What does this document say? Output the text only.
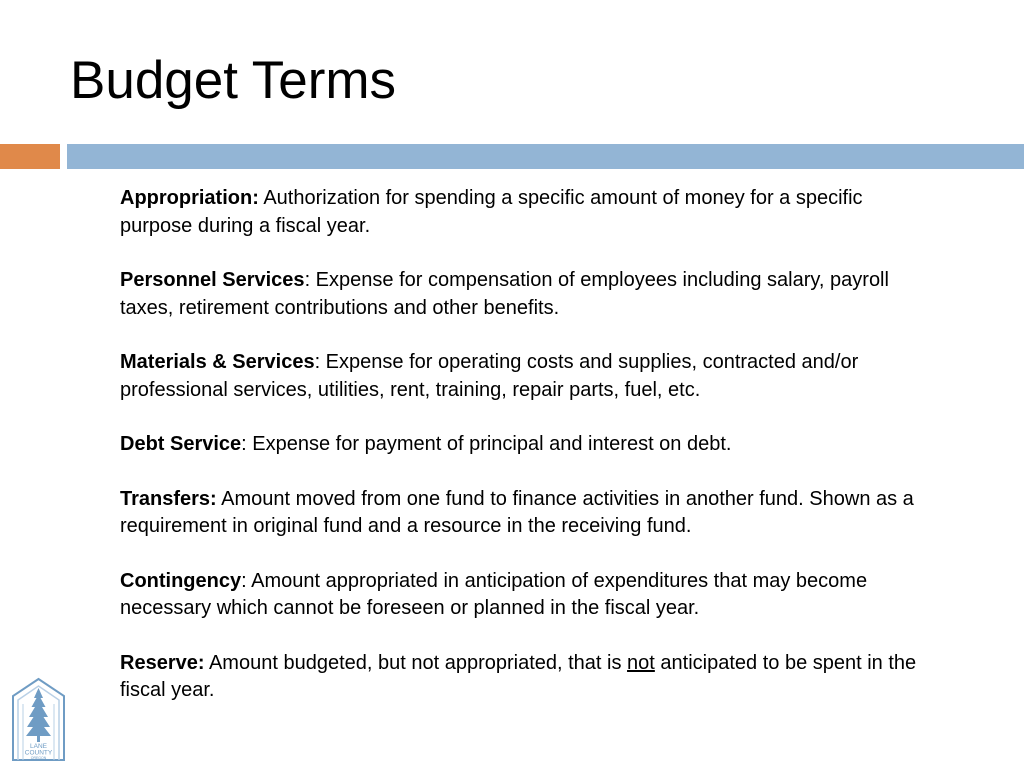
Budget Terms
Appropriation: Authorization for spending a specific amount of money for a specific purpose during a fiscal year.
Personnel Services: Expense for compensation of employees including salary, payroll taxes, retirement contributions and other benefits.
Materials & Services: Expense for operating costs and supplies, contracted and/or professional services, utilities, rent, training, repair parts, fuel, etc.
Debt Service: Expense for payment of principal and interest on debt.
Transfers: Amount moved from one fund to finance activities in another fund. Shown as a requirement in original fund and a resource in the receiving fund.
Contingency: Amount appropriated in anticipation of expenditures that may become necessary which cannot be foreseen or planned in the fiscal year.
Reserve: Amount budgeted, but not appropriated, that is not anticipated to be spent in the fiscal year.
LANE
COUNTY
OREGON
